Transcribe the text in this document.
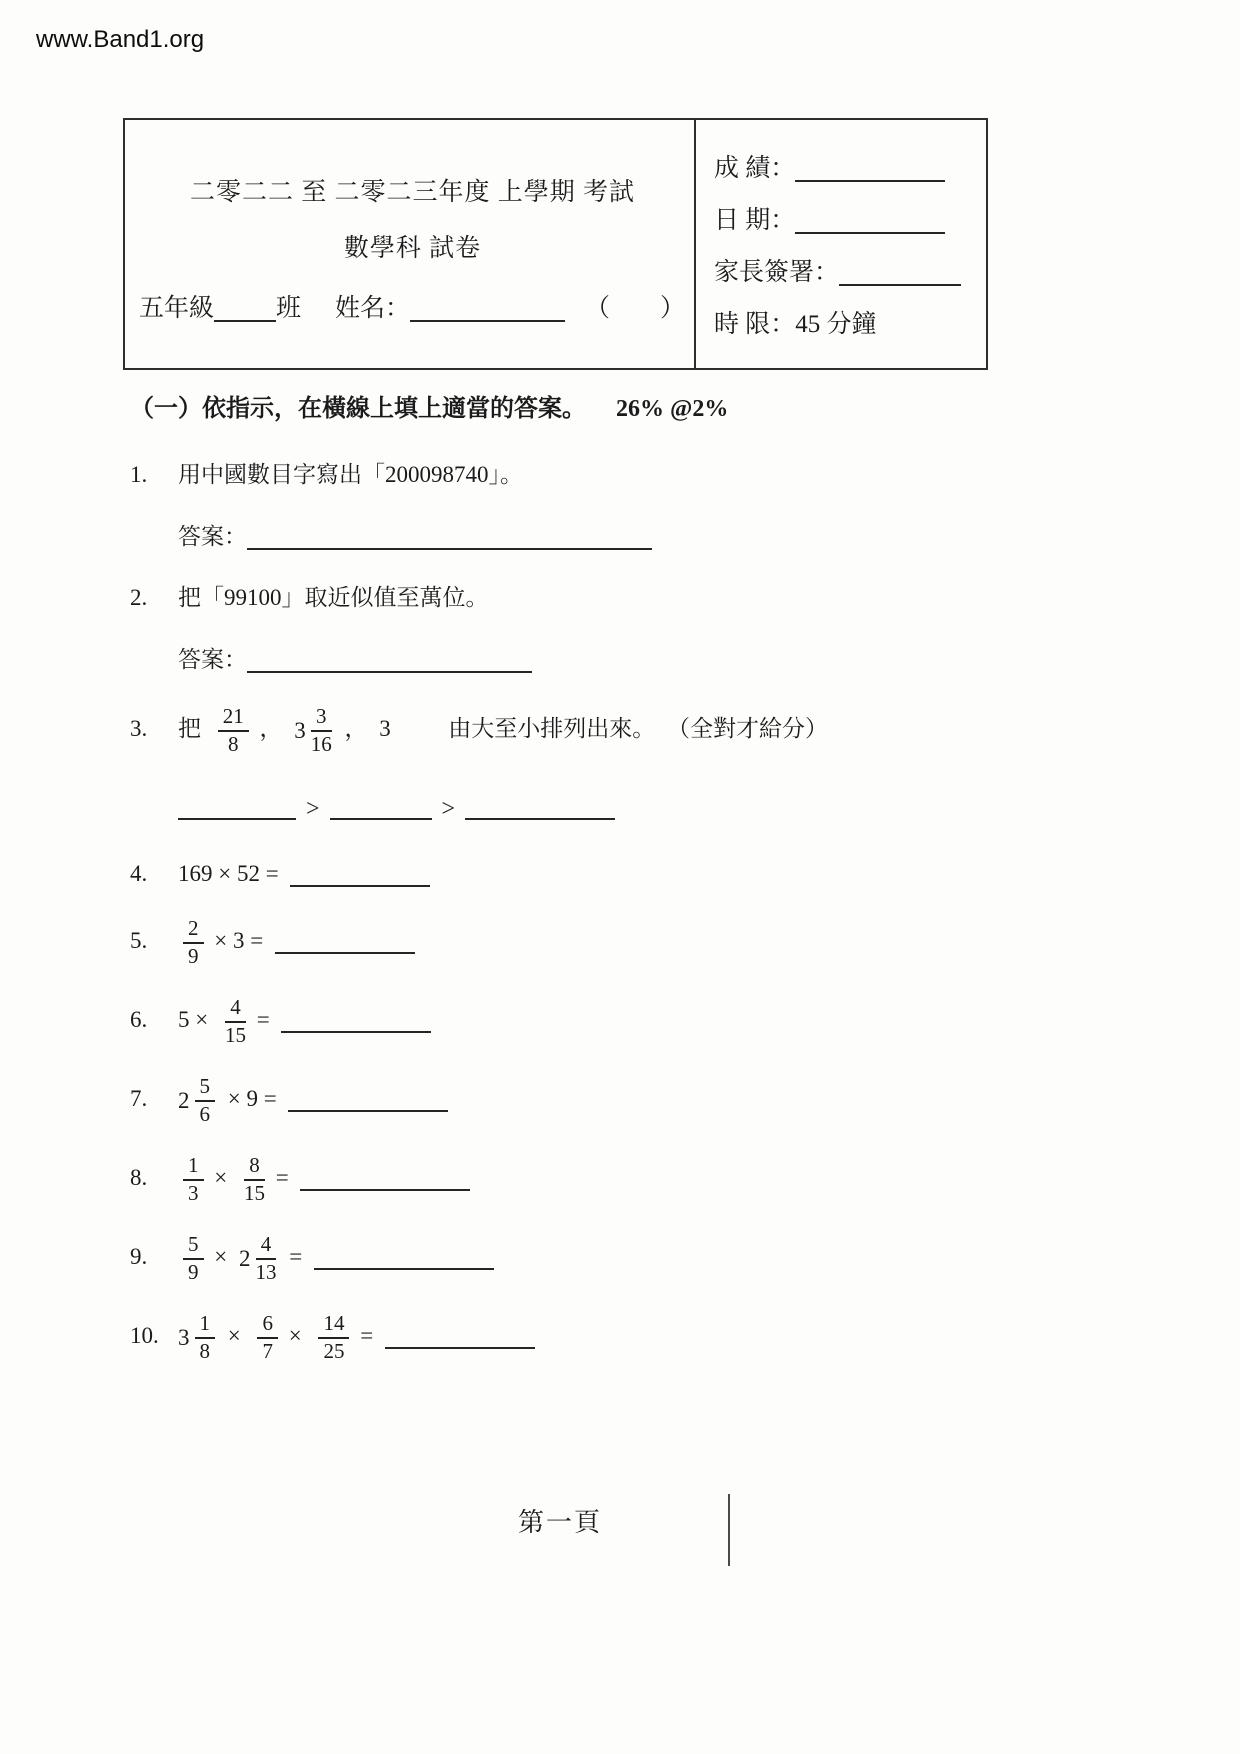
www.Band1.org
二零二二 至 二零二三年度 上學期 考試
數學科 試卷
五年級 班 姓名：	（　　）
成 績：
日 期：
家長簽署：
時 限：45 分鐘
（一）依指示，在橫線上填上適當的答案。 26% @2%
1. 用中國數目字寫出「200098740」。
答案：
2. 把「99100」取近似值至萬位。
答案：
3. 把 $\frac{21}{8}$ ， $3 \frac{3}{16}$ ， 3	由大至小排列出來。 （全對才給分）
>	>
4. 169 × 52 =
5. $\frac{2}{9} \times 3$ =
6. $5 \times \frac{4}{15}$ =
7. $2 \frac{5}{6} \times 9$ =
8. $\frac{1}{3} \times \frac{8}{15}$ =
9. $\frac{5}{9} \times 2 \frac{4}{13}$ =
10. $3 \frac{1}{8} \times \frac{6}{7} \times \frac{14}{25}$ =
第一頁
